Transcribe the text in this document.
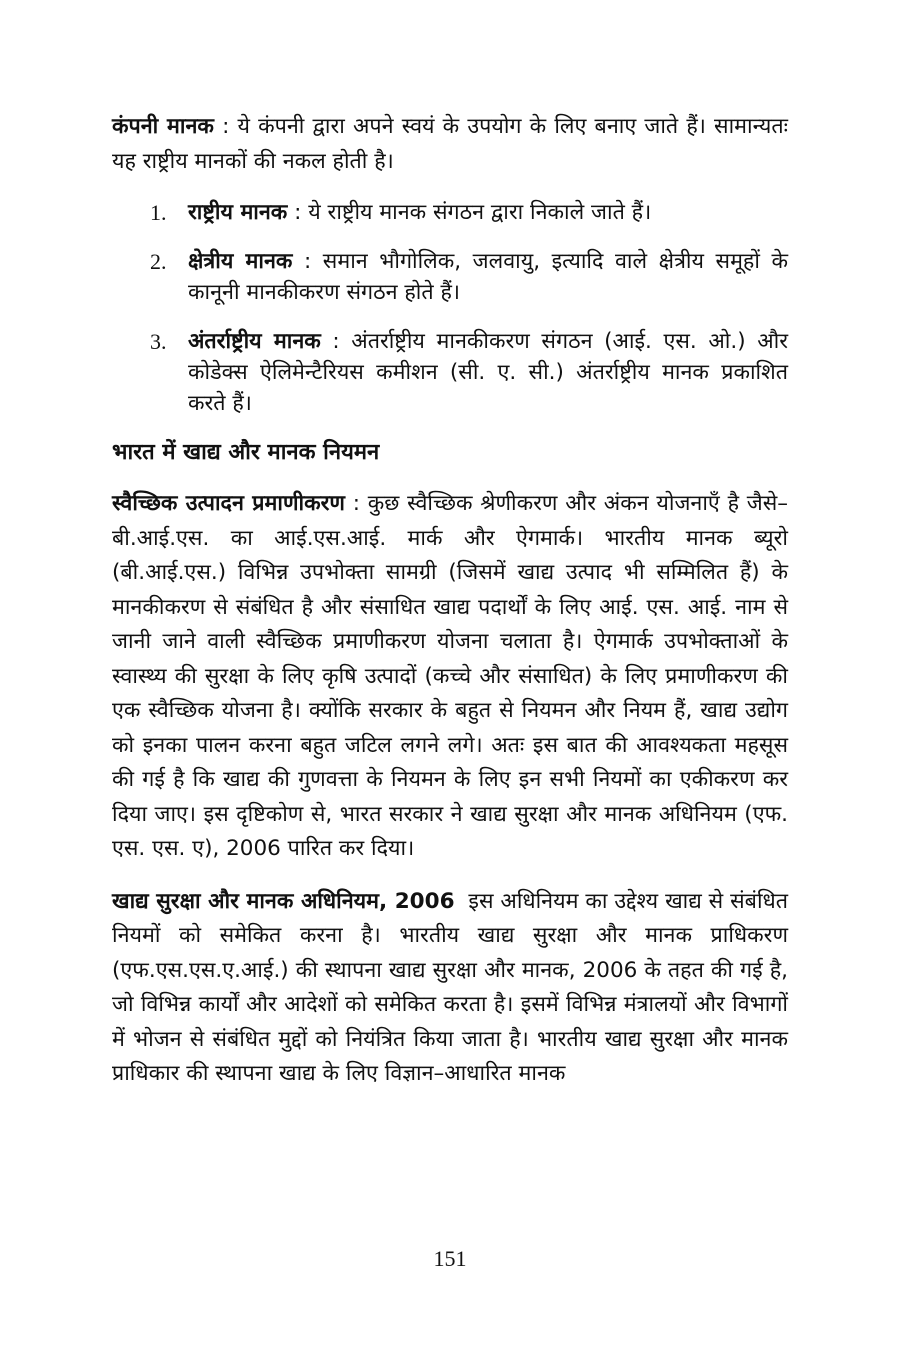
कंपनी मानक : ये कंपनी द्वारा अपने स्वयं के उपयोग के लिए बनाए जाते हैं। सामान्यतः यह राष्ट्रीय मानकों की नकल होती है।

1. राष्ट्रीय मानक : ये राष्ट्रीय मानक संगठन द्वारा निकाले जाते हैं।
2. क्षेत्रीय मानक : समान भौगोलिक, जलवायु, इत्यादि वाले क्षेत्रीय समूहों के कानूनी मानकीकरण संगठन होते हैं।
3. अंतर्राष्ट्रीय मानक : अंतर्राष्ट्रीय मानकीकरण संगठन (आई. एस. ओ.) और कोडेक्स ऐलिमेन्टैरियस कमीशन (सी. ए. सी.) अंतर्राष्ट्रीय मानक प्रकाशित करते हैं।
भारत में खाद्य और मानक नियमन

स्वैच्छिक उत्पादन प्रमाणीकरण : कुछ स्वैच्छिक श्रेणीकरण और अंकन योजनाएँ है जैसे– बी.आई.एस. का आई.एस.आई. मार्क और ऐगमार्क। भारतीय मानक ब्यूरो (बी.आई.एस.) विभिन्न उपभोक्ता सामग्री (जिसमें खाद्य उत्पाद भी सम्मिलित हैं) के मानकीकरण से संबंधित है और संसाधित खाद्य पदार्थों के लिए आई. एस. आई. नाम से जानी जाने वाली स्वैच्छिक प्रमाणीकरण योजना चलाता है। ऐगमार्क उपभोक्ताओं के स्वास्थ्य की सुरक्षा के लिए कृषि उत्पादों (कच्चे और संसाधित) के लिए प्रमाणीकरण की एक स्वैच्छिक योजना है। क्योंकि सरकार के बहुत से नियमन और नियम हैं, खाद्य उद्योग को इनका पालन करना बहुत जटिल लगने लगे। अतः इस बात की आवश्यकता महसूस की गई है कि खाद्य की गुणवत्ता के नियमन के लिए इन सभी नियमों का एकीकरण कर दिया जाए। इस दृष्टिकोण से, भारत सरकार ने खाद्य सुरक्षा और मानक अधिनियम (एफ. एस. एस. ए), 2006 पारित कर दिया।

खाद्य सुरक्षा और मानक अधिनियम, 2006  इस अधिनियम का उद्देश्य खाद्य से संबंधित नियमों को समेकित करना है। भारतीय खाद्य सुरक्षा और मानक प्राधिकरण (एफ.एस.एस.ए.आई.) की स्थापना खाद्य सुरक्षा और मानक, 2006 के तहत की गई है, जो विभिन्न कार्यों और आदेशों को समेकित करता है। इसमें विभिन्न मंत्रालयों और विभागों में भोजन से संबंधित मुद्दों को नियंत्रित किया जाता है। भारतीय खाद्य सुरक्षा और मानक प्राधिकार की स्थापना खाद्य के लिए विज्ञान–आधारित मानक

151
